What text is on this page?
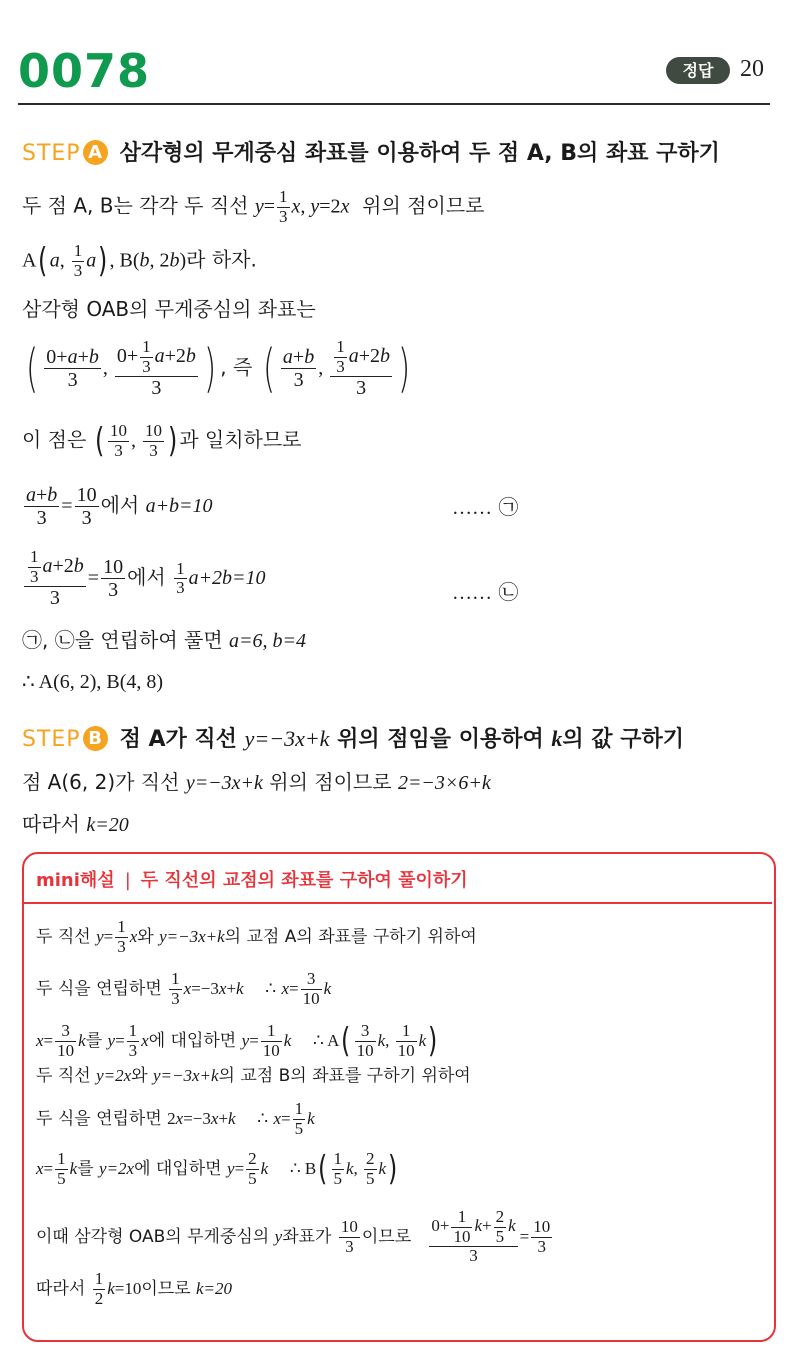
0078	정답	20
STEP A 삼각형의 무게중심 좌표를 이용하여 두 점 A, B의 좌표 구하기
두 점 A, B는 각각 두 직선 $y= \frac{1}{3} x$, y=2x 위의 점이므로
A(a, $\frac{1}{3} a$), B(b, 2b)라 하자.
삼각형 OAB의 무게중심의 좌표는
( $\frac{0+a+b}{3}$ , $\frac{0+ \frac{1}{3} a+2b}{3}$ ) , 즉 ( $\frac{a+b}{3}$ , $\frac{\frac{1}{3} a+2b}{3}$ )
이 점은 ( $\frac{10}{3}$ , $\frac{10}{3}$ )과 일치하므로
$\frac{a+b}{3} = \frac{10}{3}$ 에서 a+b=10	…… ㉠
$\frac{\frac{1}{3} a+2b}{3} = \frac{10}{3}$ 에서 $\frac{1}{3} a+2b=10$
…… ㉡
㉠, ㉡을 연립하여 풀면 a=6, b=4
∴ A(6, 2), B(4, 8)
STEP B 점 A가 직선 y=−3x+k 위의 점임을 이용하여 k의 값 구하기
점 A(6, 2)가 직선 y=−3x+k 위의 점이므로 2=−3×6+k
따라서 k=20
mini해설 | 두 직선의 교점의 좌표를 구하여 풀이하기
두 직선 $y= \frac{1}{3}$ x와 y=−3x+k의 교점 A의 좌표를 구하기 위하여
두 식을 연립하면 $\frac{1}{3} x=-3x+k$ ∴ $x= \frac{3}{10}$ k
$x= \frac{3}{10}$ k를 $y= \frac{1}{3}$ x에 대입하면 $y= \frac{1}{10}$ k ∴ $A( \frac{3}{10} k$, $\frac{1}{10} k$)
두 직선 y=2x와 y=−3x+k의 교점 B의 좌표를 구하기 위하여
두 식을 연립하면 2x=−3x+k ∴ $x= \frac{1}{5}$ k
$x= \frac{1}{5}$ k를 y=2x에 대입하면 $y= \frac{2}{5}$ k ∴ $B( \frac{1}{5} k$, $\frac{2}{5} k$)
이때 삼각형 OAB의 무게중심의 y좌표가 $\frac{10}{3}$ 이므로 $\frac{0+ \frac{1}{10} k+ \frac{2}{5} k}{3} = \frac{10}{3}$
따라서 $\frac{1}{2} k=10$이므로 k=20
